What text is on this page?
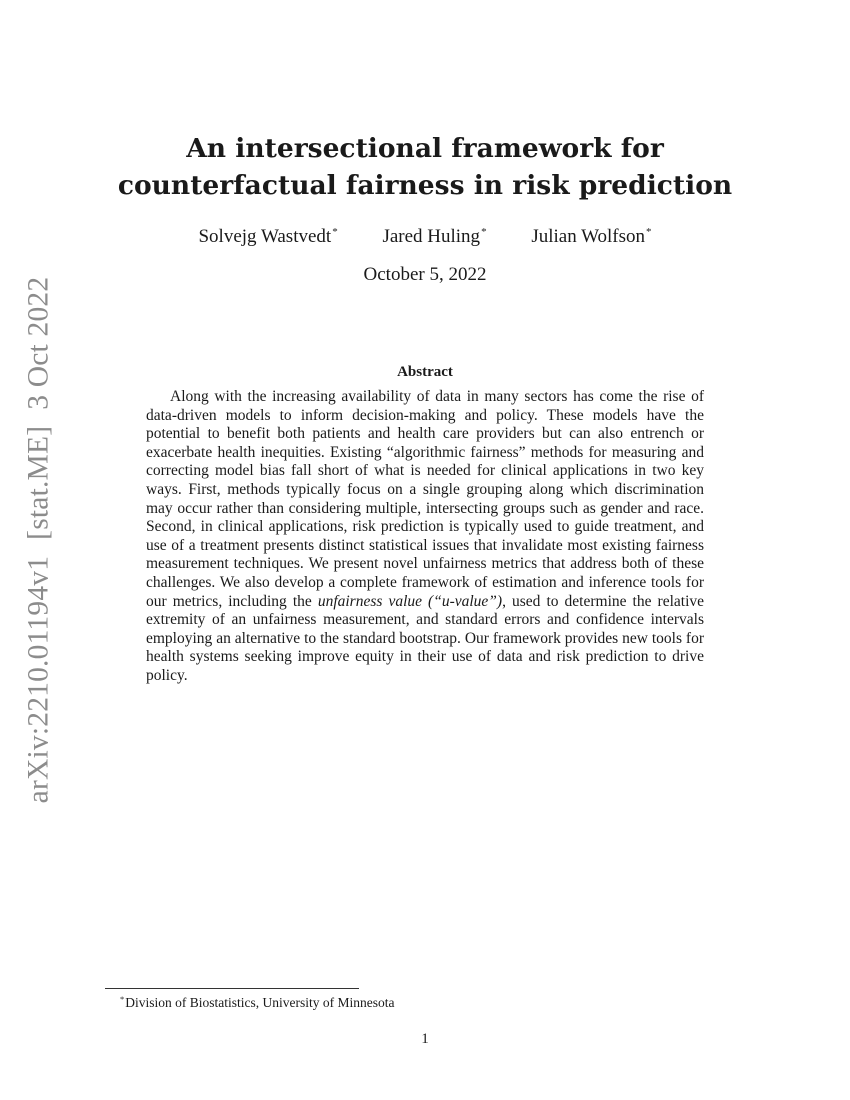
arXiv:2210.01194v1[stat.ME]3 Oct 2022
An intersectional framework for
counterfactual fairness in risk prediction
Solvejg Wastvedt* Jared Huling* Julian Wolfson*
October 5, 2022
Abstract

Along with the increasing availability of data in many sectors has come the rise of data-driven models to inform decision-making and policy. These models have the potential to benefit both patients and health care providers but can also entrench or exacerbate health inequities. Existing “algorithmic fairness” methods for measuring and correcting model bias fall short of what is needed for clinical applications in two key ways. First, methods typically focus on a single grouping along which discrimination may occur rather than considering multiple, intersecting groups such as gender and race. Second, in clinical applications, risk prediction is typically used to guide treatment, and use of a treatment presents distinct statistical issues that invalidate most existing fairness measurement techniques. We present novel unfairness metrics that address both of these challenges. We also develop a complete framework of estimation and inference tools for our metrics, including the unfairness value (“u-value”), used to determine the relative extremity of an unfairness measurement, and standard errors and confidence intervals employing an alternative to the standard bootstrap. Our framework provides new tools for health systems seeking improve equity in their use of data and risk prediction to drive policy.

*Division of Biostatistics, University of Minnesota
1
